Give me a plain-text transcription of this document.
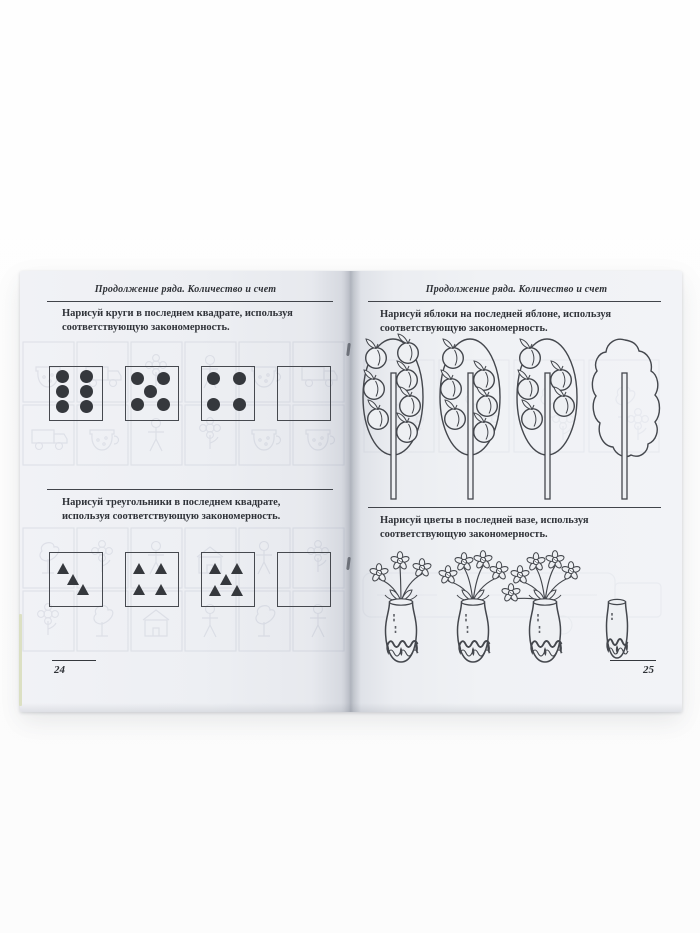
Продолжение ряда. Количество и счет
Нарисуй круги в последнем квадрате, используя соответствующую закономерность.
Нарисуй треугольники в последнем квадрате, используя соответствующую закономерность.
24
Продолжение ряда. Количество и счет
Нарисуй яблоки на последней яблоне, используя соответствующую закономерность.
Нарисуй цветы в последней вазе, используя соответствующую закономерность.
25
